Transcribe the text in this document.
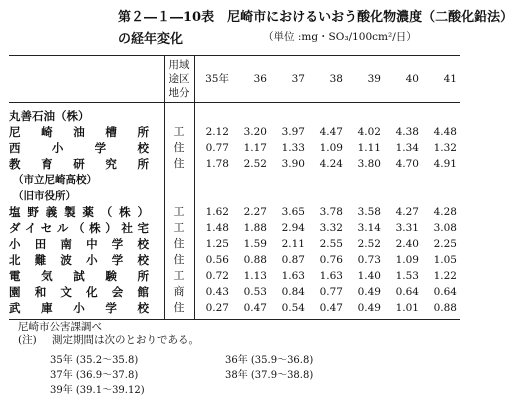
第２―１―10表　尼崎市におけるいおう酸化物濃度（二酸化鉛法）
の経年変化	（単位 :mg・SO₃/100cm²/日）

	用域
途区
地分	35年	36	37	38	39	40	41
丸善石油（株）								
尼崎油槽所	工	2.12	3.20	3.97	4.47	4.02	4.38	4.48
西小学校	住	0.77	1.17	1.33	1.09	1.11	1.34	1.32
教育研究所	住	1.78	2.52	3.90	4.24	3.80	4.70	4.91
（市立尼崎高校）								
（旧市役所）								
塩野義製薬（株）	工	1.62	2.27	3.65	3.78	3.58	4.27	4.28
ダイセル（株）社宅	工	1.48	1.88	2.94	3.32	3.14	3.31	3.08
小田南中学校	住	1.25	1.59	2.11	2.55	2.52	2.40	2.25
北難波小学校	住	0.56	0.88	0.87	0.76	0.73	1.09	1.05
電気試験所	工	0.72	1.13	1.63	1.63	1.40	1.53	1.22
園和文化会館	商	0.43	0.53	0.84	0.77	0.49	0.64	0.64
武庫小学校	住	0.27	0.47	0.54	0.47	0.49	1.01	0.88
尼崎市公害課調べ
(注) 測定期間は次のとおりである。
35年 (35.2～35.8)	36年 (35.9～36.8)
37年 (36.9～37.8)	38年 (37.9～38.8)
39年 (39.1～39.12)
